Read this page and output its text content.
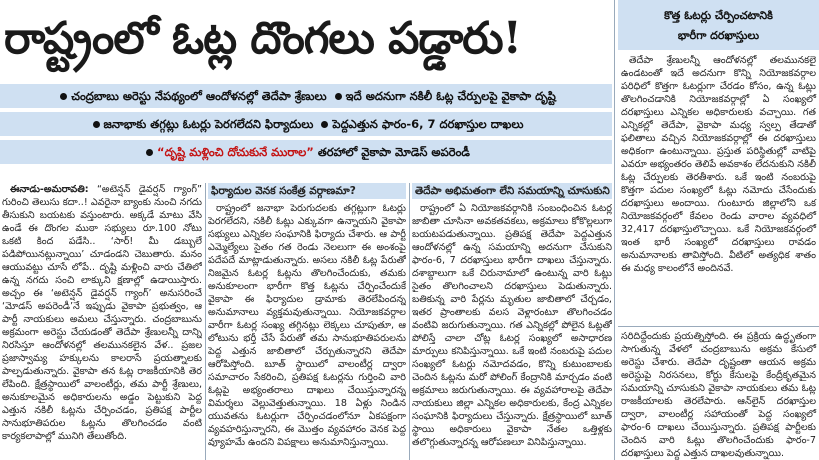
రాష్ట్రంలో ఓట్ల దొంగలు పడ్డారు!
చంద్రబాబు అరెస్టు నేపథ్యంలో ఆందోళనల్లో తెదేపా శ్రేణులు ఇదే అదనుగా నకిలీ ఓట్ల చేర్పులపై వైకాపా దృష్టి
జనాభాకు తగ్గట్లు ఓటర్లు పెరగలేదని ఫిర్యాదులు పెద్దఎత్తున ఫారం-6, 7 దరఖాస్తుల దాఖలు
“దృష్టి మళ్లించి దోచుకునే మురాల” తరహాలో వైకాపా మోడెస్ అపరెండీ

ఈనాడు-అమరావతి: “అటెన్షన్ డైవర్షన్ గ్యాంగ్” గురించి తెలుసు కదా..! ఎవరైనా బ్యాంకు నుంచి నగదు తీసుకుని బయటకు వస్తుంటారు. అక్కడే మాటు వేసి ఉండే ఈ దొంగల ముఠా సభ్యులు రూ.100 నోటు ఒకటి కింద పడేసి.. ‘సార్! మీ డబ్బులే పడిపోయినట్లున్నాయి’ చూడండని చెబుతారు. మనం ఆయువట్టు చూసే లోపే.. దృష్టి మళ్లించి వారు చేతిలో ఉన్న నగదు సంచి లాక్కుని క్షణాల్లో ఉడాయిస్తారు. అచ్చం ఈ ‘అటెన్షన్ డైవర్షన్ గ్యాంగ్’ అనుసరించే ‘మోడస్ అపరెండీ’నే ఇప్పుడు వైకాపా ప్రభుత్వం, ఆ పార్టీ నాయకులు అమలు చేస్తున్నారు. చంద్రబాబును అక్రమంగా అరెస్టు చేయడంతో తెదేపా శ్రేణులన్నీ దాన్ని నిరసిస్తూ ఆందోళనల్లో తలమునకలైన వేళ.. ప్రజల ప్రజాస్వామ్య హక్కులను కాలరాసే ప్రయత్నాలకు పాల్పడుతున్నారు. వైకాపా తన ఓట్ల రాజకీయానికి తెర లేపింది. క్షేత్రస్థాయిలో వాలంటీర్లు, తమ పార్టీ శ్రేణులు, అనుకూలమైన అధికారులను అడ్డం పెట్టుకుని పెద్ద ఎత్తున నకిలీ ఓట్లను చేర్పించడం, ప్రతిపక్ష పార్టీల సానుభూతిపరుల ఓట్లను తొలగించడం వంటి కార్యకలాపాల్లో మునిగి తేలుతోంది.

ఫిర్యాదుల వెనక సంకేత్ర వర్గాణమా?

రాష్ట్రంలో జనాభా పెరుగుదలకు తగ్గట్లుగా ఓటర్లు పెరగలేదని, నకిలీ ఓట్లు ఎక్కువగా ఉన్నాయని వైకాపా సభ్యులు ఎన్నికల సంఘానికి ఫిర్యాదు చేశారు. ఆ పార్టీ ఎమ్మెల్యేలు సైతం గత రెండు నెలలుగా ఈ అంశంపై పదేపదే మాట్లాడుతున్నారు. అసలు నకిలీ ఓట్ల పేరుతో నిజమైన ఓటర్ల ఓట్లను తొలగించేందుకు, తమకు అనుకూలంగా భారీగా కొత్త ఓట్లను చేర్పించేందుకే వైకాపా ఈ ఫిర్యాదుల డ్రామాకు తెరలేపిందన్న అనుమానాలు వ్యక్తమవుతున్నాయి. నియోజకవర్గాల వారీగా ఓటర్ల సంఖ్య తగ్గినట్లు లెక్కలు చూపుతూ, ఆ లోటును భర్తీ చేసే పేరుతో తమ సానుభూతిపరులను పెద్ద ఎత్తున జాబితాలో చేర్చుతున్నారని తెదేపా ఆరోపిస్తోంది. బూత్ స్థాయిలో వాలంటీర్ల ద్వారా సమాచారం సేకరించి, ప్రతిపక్ష ఓటర్లను గుర్తించి వారి ఓట్లపై అభ్యంతరాలు దాఖలు చేయిస్తున్నారన్న విమర్శలు వెల్లువెత్తుతున్నాయి. 18 ఏళ్లు నిండిన యువతను ఓటర్లుగా చేర్పించడంలోనూ ఏకపక్షంగా వ్యవహరిస్తున్నారని, ఈ మొత్తం వ్యవహారం వెనక పెద్ద వ్యూహమే ఉందని విపక్షాలు అనుమానిస్తున్నాయి.

తెదేపా అభిమతంగా లేని సమయాన్ని చూసుకుని

రాష్ట్రంలో ఏ నియోజకవర్గానికి సంబంధించిన ఓటర్ల జాబితా చూసినా అవకతవకలు, అక్రమాలు కోకొల్లలుగా బయటపడుతున్నాయి. ప్రతిపక్ష తెదేపా పెద్దఎత్తున ఆందోళనల్లో ఉన్న సమయాన్ని అదనుగా చేసుకుని ఫారం-6, 7 దరఖాస్తులు భారీగా దాఖలు చేస్తున్నారు. దశాబ్దాలుగా ఒకే చిరునామాలో ఉంటున్న వారి ఓట్లు సైతం తొలగించాలని దరఖాస్తులు పెడుతున్నారు. బతికున్న వారి పేర్లను మృతుల జాబితాలో చేర్చడం, ఇతర ప్రాంతాలకు వలస వెళ్లారంటూ తొలగించడం వంటివి జరుగుతున్నాయి. గత ఎన్నికల్లో పోలైన ఓట్లతో పోలిస్తే చాలా చోట్ల ఓటర్ల సంఖ్యలో అసాధారణ మార్పులు కనిపిస్తున్నాయి. ఒకే ఇంటి నంబరుపై పదుల సంఖ్యలో ఓటర్లు నమోదవడం, కొన్ని కుటుంబాలకు చెందిన ఓట్లను మరో పోలింగ్ కేంద్రానికి మార్చడం వంటి అక్రమాలు జరుగుతున్నాయి. ఈ వ్యవహారాలపై తెదేపా నాయకులు జిల్లా ఎన్నికల అధికారులకు, కేంద్ర ఎన్నికల సంఘానికి ఫిర్యాదులు చేస్తున్నారు. క్షేత్రస్థాయిలో బూత్ స్థాయి అధికారులు వైకాపా నేతల ఒత్తిళ్లకు తలొగ్గుతున్నారన్న ఆరోపణలూ వినిపిస్తున్నాయి.

కొత్త ఓటర్లు చేర్పించటానికి
భారీగా దరఖాస్తులు

తెదేపా శ్రేణులన్నీ ఆందోళనల్లో తలమునకలై ఉండటంతో ఇదే అదనుగా కొన్ని నియోజకవర్గాల పరిధిలో కొత్తగా ఓటర్లుగా చేరడం కోసం, ఉన్న ఓట్లు తొలగించడానికి నియోజకవర్గాల్లో ఏ సంఖ్యలో దరఖాస్తులు ఎన్నికల అధికారులకు వచ్చాయి. గత ఎన్నికల్లో తెదేపా, వైకాపా మధ్య స్వల్ప తేడాతో ఫలితాలు వచ్చిన నియోజకవర్గాల్లో ఈ దరఖాస్తులు అధికంగా ఉంటున్నాయి. ప్రస్తుత పరిస్థితుల్లో వాటిపై ఎవరూ అభ్యంతరం తెలిపే అవకాశం లేదనుకుని నకిలీ ఓట్ల చేర్పులకు తెరతీశారు. ఒకే ఇంటి నంబరుపై కొత్తగా పదుల సంఖ్యలో ఓట్లు నమోదు చేసేందుకు దరఖాస్తులు అందాయి. గుంటూరు జిల్లాలోని ఒక నియోజకవర్గంలో కేవలం రెండు వారాల వ్యవధిలో 32,417 దరఖాస్తులొచ్చాయి. ఒకే నియోజకవర్గంలో ఇంత భారీ సంఖ్యలో దరఖాస్తులు రావడం అనుమానాలకు తావిస్తోంది. వీటిలో అత్యధిక శాతం ఈ మధ్య కాలంలోనే అందినవే.

సరిదిద్దేందుకు ప్రయత్నిస్తోంది. ఈ ప్రక్రియ ఉద్ధృతంగా సాగుతున్న వేళలో చంద్రబాబును అక్రమ కేసులో అరెస్టు చేశారు. తెదేపా దృష్టంతా ఆయన అక్రమ అరెస్టుపై నిరసనలు, కోర్టు కేసులపై కేంద్రీకృతమైన సమయాన్ని చూసుకుని వైకాపా నాయకులు తమ ఓట్ల రాజకీయాలకు తెరలేపారు. ఆన్‌లైన్ దరఖాస్తుల ద్వారా, వాలంటీర్ల సహాయంతో పెద్ద సంఖ్యలో ఫారం-6 దాఖలు చేయిస్తున్నారు. ప్రతిపక్ష పార్టీలకు చెందిన వారి ఓట్లు తొలగించేందుకు ఫారం-7 దరఖాస్తులు పెద్ద ఎత్తున దాఖలవుతున్నాయి.
